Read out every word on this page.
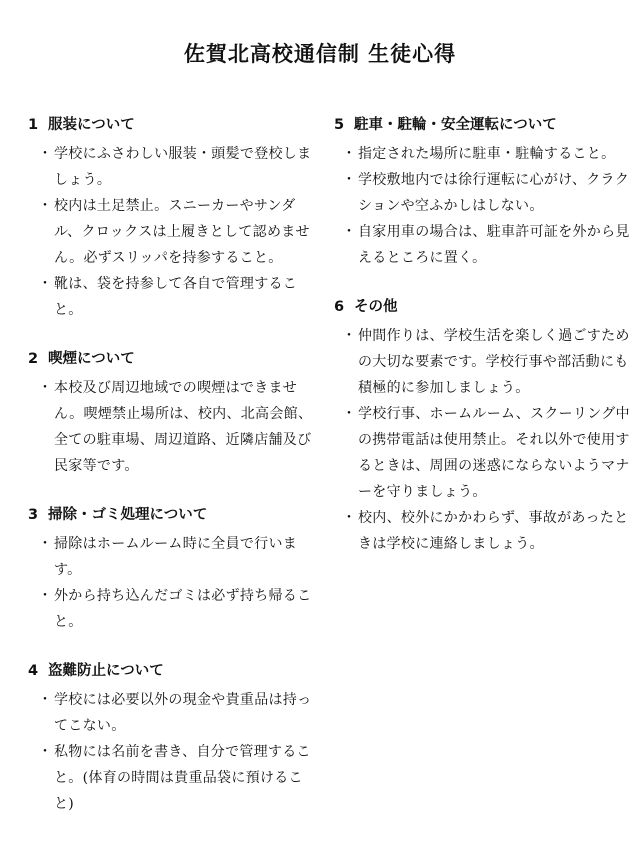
佐賀北高校通信制 生徒心得
1 服装について
・ 学校にふさわしい服装・頭髪で登校しましょう。
・ 校内は土足禁止。スニーカーやサンダル、クロックスは上履きとして認めません。必ずスリッパを持参すること。
・ 靴は、袋を持参して各自で管理すること。
2 喫煙について
・ 本校及び周辺地域での喫煙はできません。喫煙禁止場所は、校内、北高会館、全ての駐車場、周辺道路、近隣店舗及び民家等です。
3 掃除・ゴミ処理について
・ 掃除はホームルーム時に全員で行います。
・ 外から持ち込んだゴミは必ず持ち帰ること。
4 盗難防止について
・ 学校には必要以外の現金や貴重品は持ってこない。
・ 私物には名前を書き、自分で管理すること。(体育の時間は貴重品袋に預けること)
5 駐車・駐輪・安全運転について
・ 指定された場所に駐車・駐輪すること。
・ 学校敷地内では徐行運転に心がけ、クラクションや空ふかしはしない。
・ 自家用車の場合は、駐車許可証を外から見えるところに置く。
6 その他
・ 仲間作りは、学校生活を楽しく過ごすための大切な要素です。学校行事や部活動にも積極的に参加しましょう。
・ 学校行事、ホームルーム、スクーリング中の携帯電話は使用禁止。それ以外で使用するときは、周囲の迷惑にならないようマナーを守りましょう。
・ 校内、校外にかかわらず、事故があったときは学校に連絡しましょう。
